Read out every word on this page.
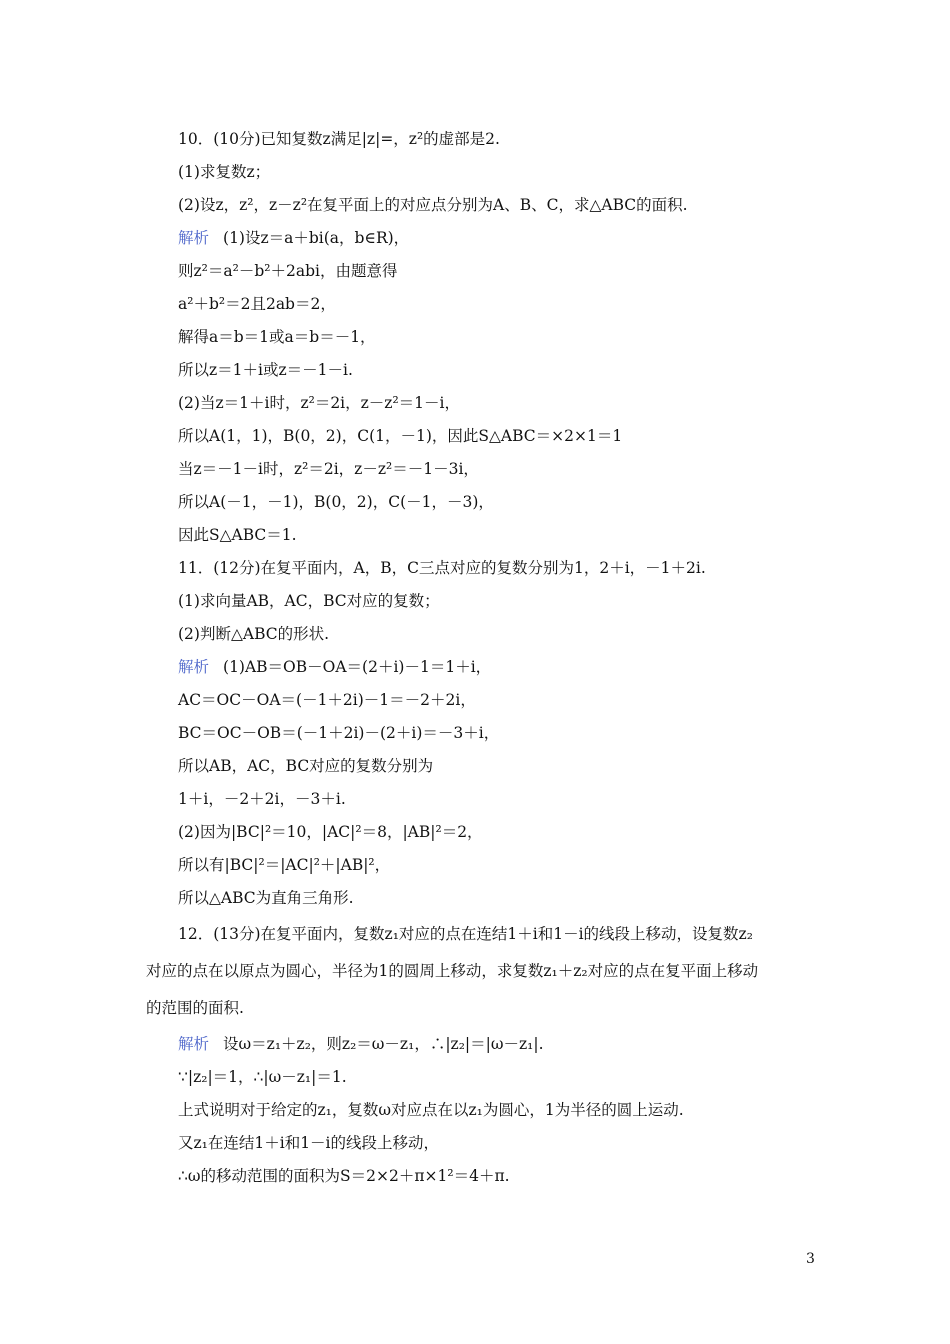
10．(10分)已知复数z满足|z|=，z²的虚部是2.
(1)求复数z；
(2)设z，z²，z－z²在复平面上的对应点分别为A、B、C，求△ABC的面积.
解析 (1)设z＝a＋bi(a，b∈R)，
则z²＝a²－b²＋2abi，由题意得
a²＋b²＝2且2ab＝2，
解得a＝b＝1或a＝b＝－1，
所以z＝1＋i或z＝－1－i.
(2)当z＝1＋i时，z²＝2i，z－z²＝1－i，
所以A(1，1)，B(0，2)，C(1，－1)，因此S△ABC＝×2×1＝1
当z＝－1－i时，z²＝2i，z－z²＝－1－3i，
所以A(－1，－1)，B(0，2)，C(－1，－3)，
因此S△ABC＝1.
11．(12分)在复平面内，A，B，C三点对应的复数分别为1，2＋i，－1＋2i.
(1)求向量AB，AC，BC对应的复数；
(2)判断△ABC的形状.
解析 (1)AB＝OB－OA＝(2＋i)－1＝1＋i，
AC＝OC－OA＝(－1＋2i)－1＝－2＋2i，
BC＝OC－OB＝(－1＋2i)－(2＋i)＝－3＋i，
所以AB，AC，BC对应的复数分别为
1＋i，－2＋2i，－3＋i.
(2)因为|BC|²＝10，|AC|²＝8，|AB|²＝2，
所以有|BC|²＝|AC|²＋|AB|²，
所以△ABC为直角三角形.
12．(13分)在复平面内，复数z₁对应的点在连结1＋i和1－i的线段上移动，设复数z₂
对应的点在以原点为圆心，半径为1的圆周上移动，求复数z₁＋z₂对应的点在复平面上移动
的范围的面积.
解析 设ω＝z₁＋z₂，则z₂＝ω－z₁，∴|z₂|＝|ω－z₁|.
∵|z₂|＝1，∴|ω－z₁|＝1.
上式说明对于给定的z₁，复数ω对应点在以z₁为圆心，1为半径的圆上运动.
又z₁在连结1＋i和1－i的线段上移动，
∴ω的移动范围的面积为S＝2×2＋π×1²＝4＋π.
3
